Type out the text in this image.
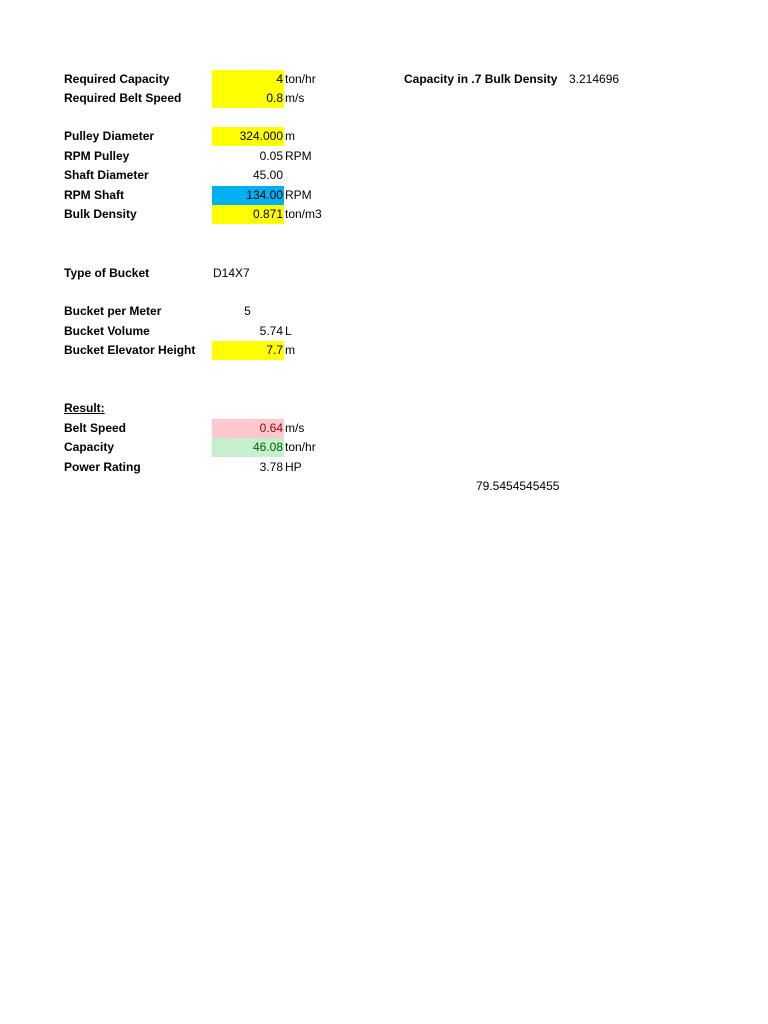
Required Capacity	4 ton/hr	Capacity in .7 Bulk Density 3.214696
Required Belt Speed	0.8 m/s
Pulley Diameter	324.000 m
RPM Pulley	0.05 RPM
Shaft Diameter	45.00
RPM Shaft	134.00 RPM
Bulk Density	0.871 ton/m3
Type of Bucket	D14X7
Bucket per Meter	5
Bucket Volume	5.74 L
Bucket Elevator Height	7.7 m
Result:
Belt Speed	0.64 m/s
Capacity	46.08 ton/hr
Power Rating	3.78 HP
79.5454545455
